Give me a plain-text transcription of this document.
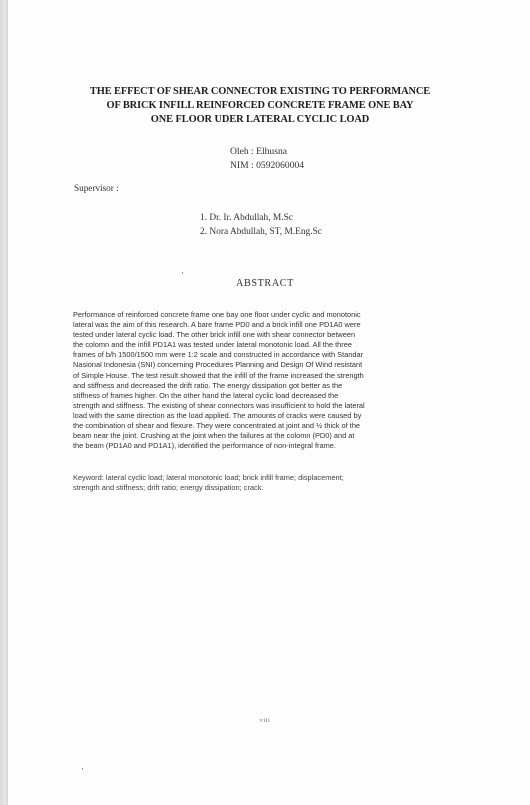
THE EFFECT OF SHEAR CONNECTOR EXISTING TO PERFORMANCE
OF BRICK INFILL REINFORCED CONCRETE FRAME ONE BAY
ONE FLOOR UDER LATERAL CYCLIC LOAD
Oleh : Elhusna
NIM : 0592060004
Supervisor :
1. Dr. Ir. Abdullah, M.Sc
2. Nora Abdullah, ST, M.Eng.Sc
ABSTRACT
Performance of reinforced concrete frame one bay one floor under cyclic and monotonic
lateral was the aim of this research. A bare frame PD0 and a brick infill one PD1A0 were
tested under lateral cyclic load. The other brick infill one with shear connector between
the colomn and the infill PD1A1 was tested under lateral monotonic load. All the three
frames of b/h 1500/1500 mm were 1:2 scale and constructed in accordance with Standar
Nasional Indonesia (SNI) concerning Procedures Planning and Design Of Wind resistant
of Simple House. The test result showed that the infill of the frame increased the strength
and stiffness and decreased the drift ratio. The energy dissipation got better as the
stiffness of frames higher. On the other hand the lateral cyclic load decreased the
strength and stiffness. The existing of shear connectors was insufficient to hold the lateral
load with the same direction as the load applied. The amounts of cracks were caused by
the combination of shear and flexure. They were concentrated at joint and ½ thick of the
beam near the joint. Crushing at the joint when the failures at the colomn (PD0) and at
the beam (PD1A0 and PD1A1), identified the performance of non-integral frame.
Keyword: lateral cyclic load; lateral monotonic load; brick infill frame; displacement;
strength and stiffness; drift ratio; energy dissipation; crack.
viii
